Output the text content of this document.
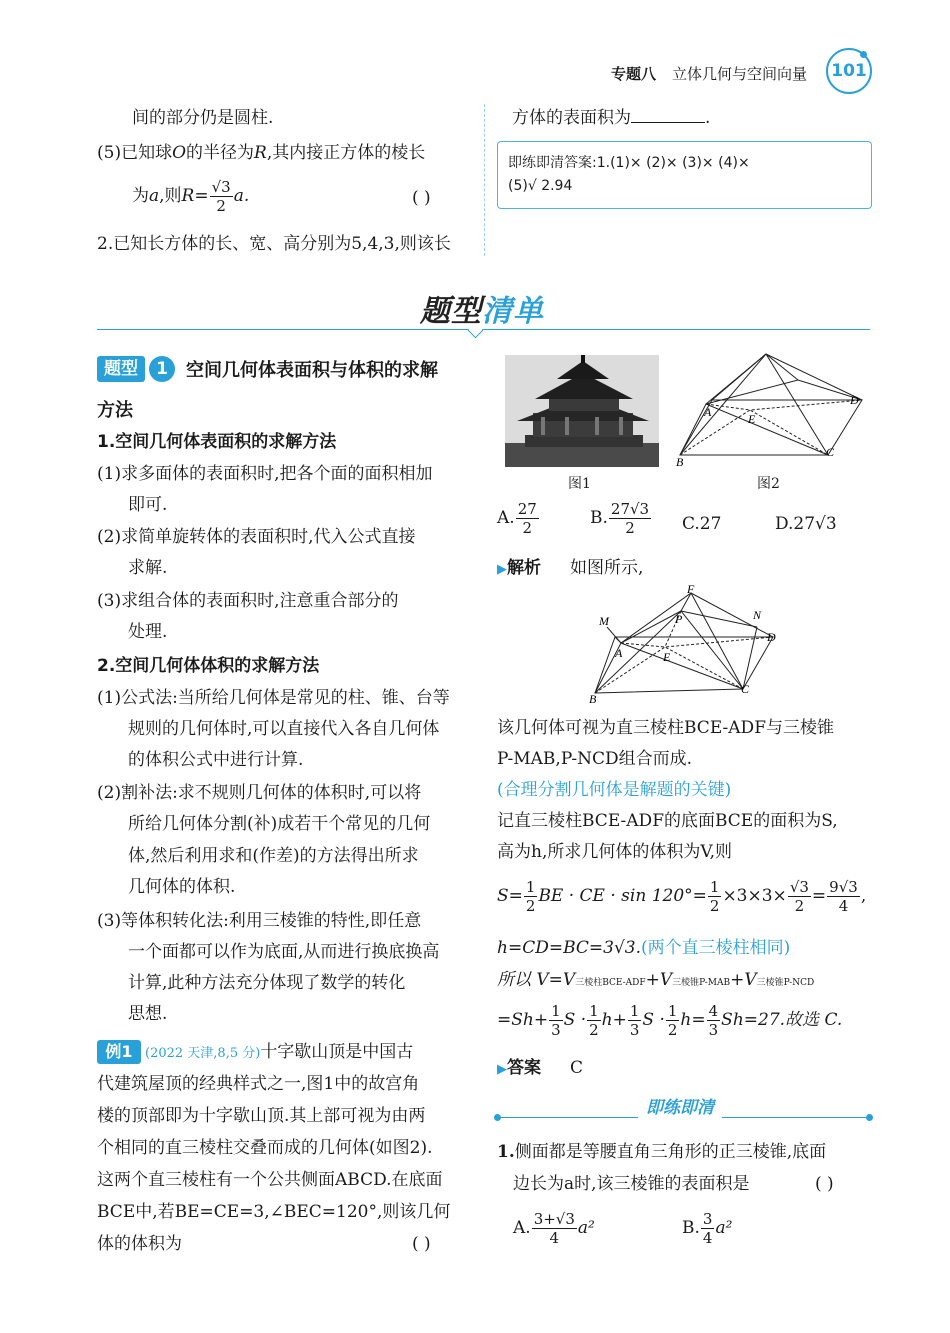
专题八 立体几何与空间向量	101
间的部分仍是圆柱.
(5)已知球O的半径为R,其内接正方体的棱长
为a,则$R= \frac{√3}{2} a$.	( )
2.已知长方体的长、宽、高分别为5,4,3,则该长
方体的表面积为	.
即练即清答案:1.(1)× (2)× (3)× (4)×
(5)√ 2.94
题型清单
题型	1	空间几何体表面积与体积的求解
方法
1.空间几何体表面积的求解方法
(1)求多面体的表面积时,把各个面的面积相加
即可.
(2)求简单旋转体的表面积时,代入公式直接
求解.
(3)求组合体的表面积时,注意重合部分的
处理.
2.空间几何体体积的求解方法
(1)公式法:当所给几何体是常见的柱、锥、台等
规则的几何体时,可以直接代入各自几何体
的体积公式中进行计算.
(2)割补法:求不规则几何体的体积时,可以将
所给几何体分割(补)成若干个常见的几何
体,然后利用求和(作差)的方法得出所求
几何体的体积.
(3)等体积转化法:利用三棱锥的特性,即任意
一个面都可以作为底面,从而进行换底换高
计算,此种方法充分体现了数学的转化
思想.
例1 (2022 天津,8,5 分)十字歇山顶是中国古
代建筑屋顶的经典样式之一,图1中的故宫角
楼的顶部即为十字歇山顶.其上部可视为由两
个相同的直三棱柱交叠而成的几何体(如图2).
这两个直三棱柱有一个公共侧面ABCD.在底面
BCE中,若BE=CE=3,∠BEC=120°,则该几何
体的体积为	( )
图1
A	E
D
B
C
图2
A. $\frac{27}{2}$	B. $\frac{27√3}{2} C.27$	D.27√3
▶解析 如图所示,
F
M	P	N
A
D
E
B
C
该几何体可视为直三棱柱BCE-ADF与三棱锥
P-MAB,P-NCD组合而成.
(合理分割几何体是解题的关键)
记直三棱柱BCE-ADF的底面BCE的面积为S,
高为h,所求几何体的体积为V,则
$S= \frac{1}{2}$ BE · CE · $\sin 120^\circ= \frac{1}{2} \times 3\times 3\times \frac{√3}{2} = \frac{9√3}{4}$ ,
h=CD=BC=3√3.(两个直三棱柱相同)
所以 V=V三棱柱BCE-ADF+V三棱锥P-MAB+V三棱锥P-NCD
$=Sh+ \frac{1}{3}$ $S \cdot \frac{1}{2} h+ \frac{1}{3}$ $S \cdot \frac{1}{2} h= \frac{4}{3} Sh=27$.故选 C.
▶答案 C
即练即清
1.侧面都是等腰直角三角形的正三棱锥,底面
边长为a时,该三棱锥的表面积是	( )
A. $\frac{3+√3}{4} a^2$	B. $\frac{3}{4} a^2$
